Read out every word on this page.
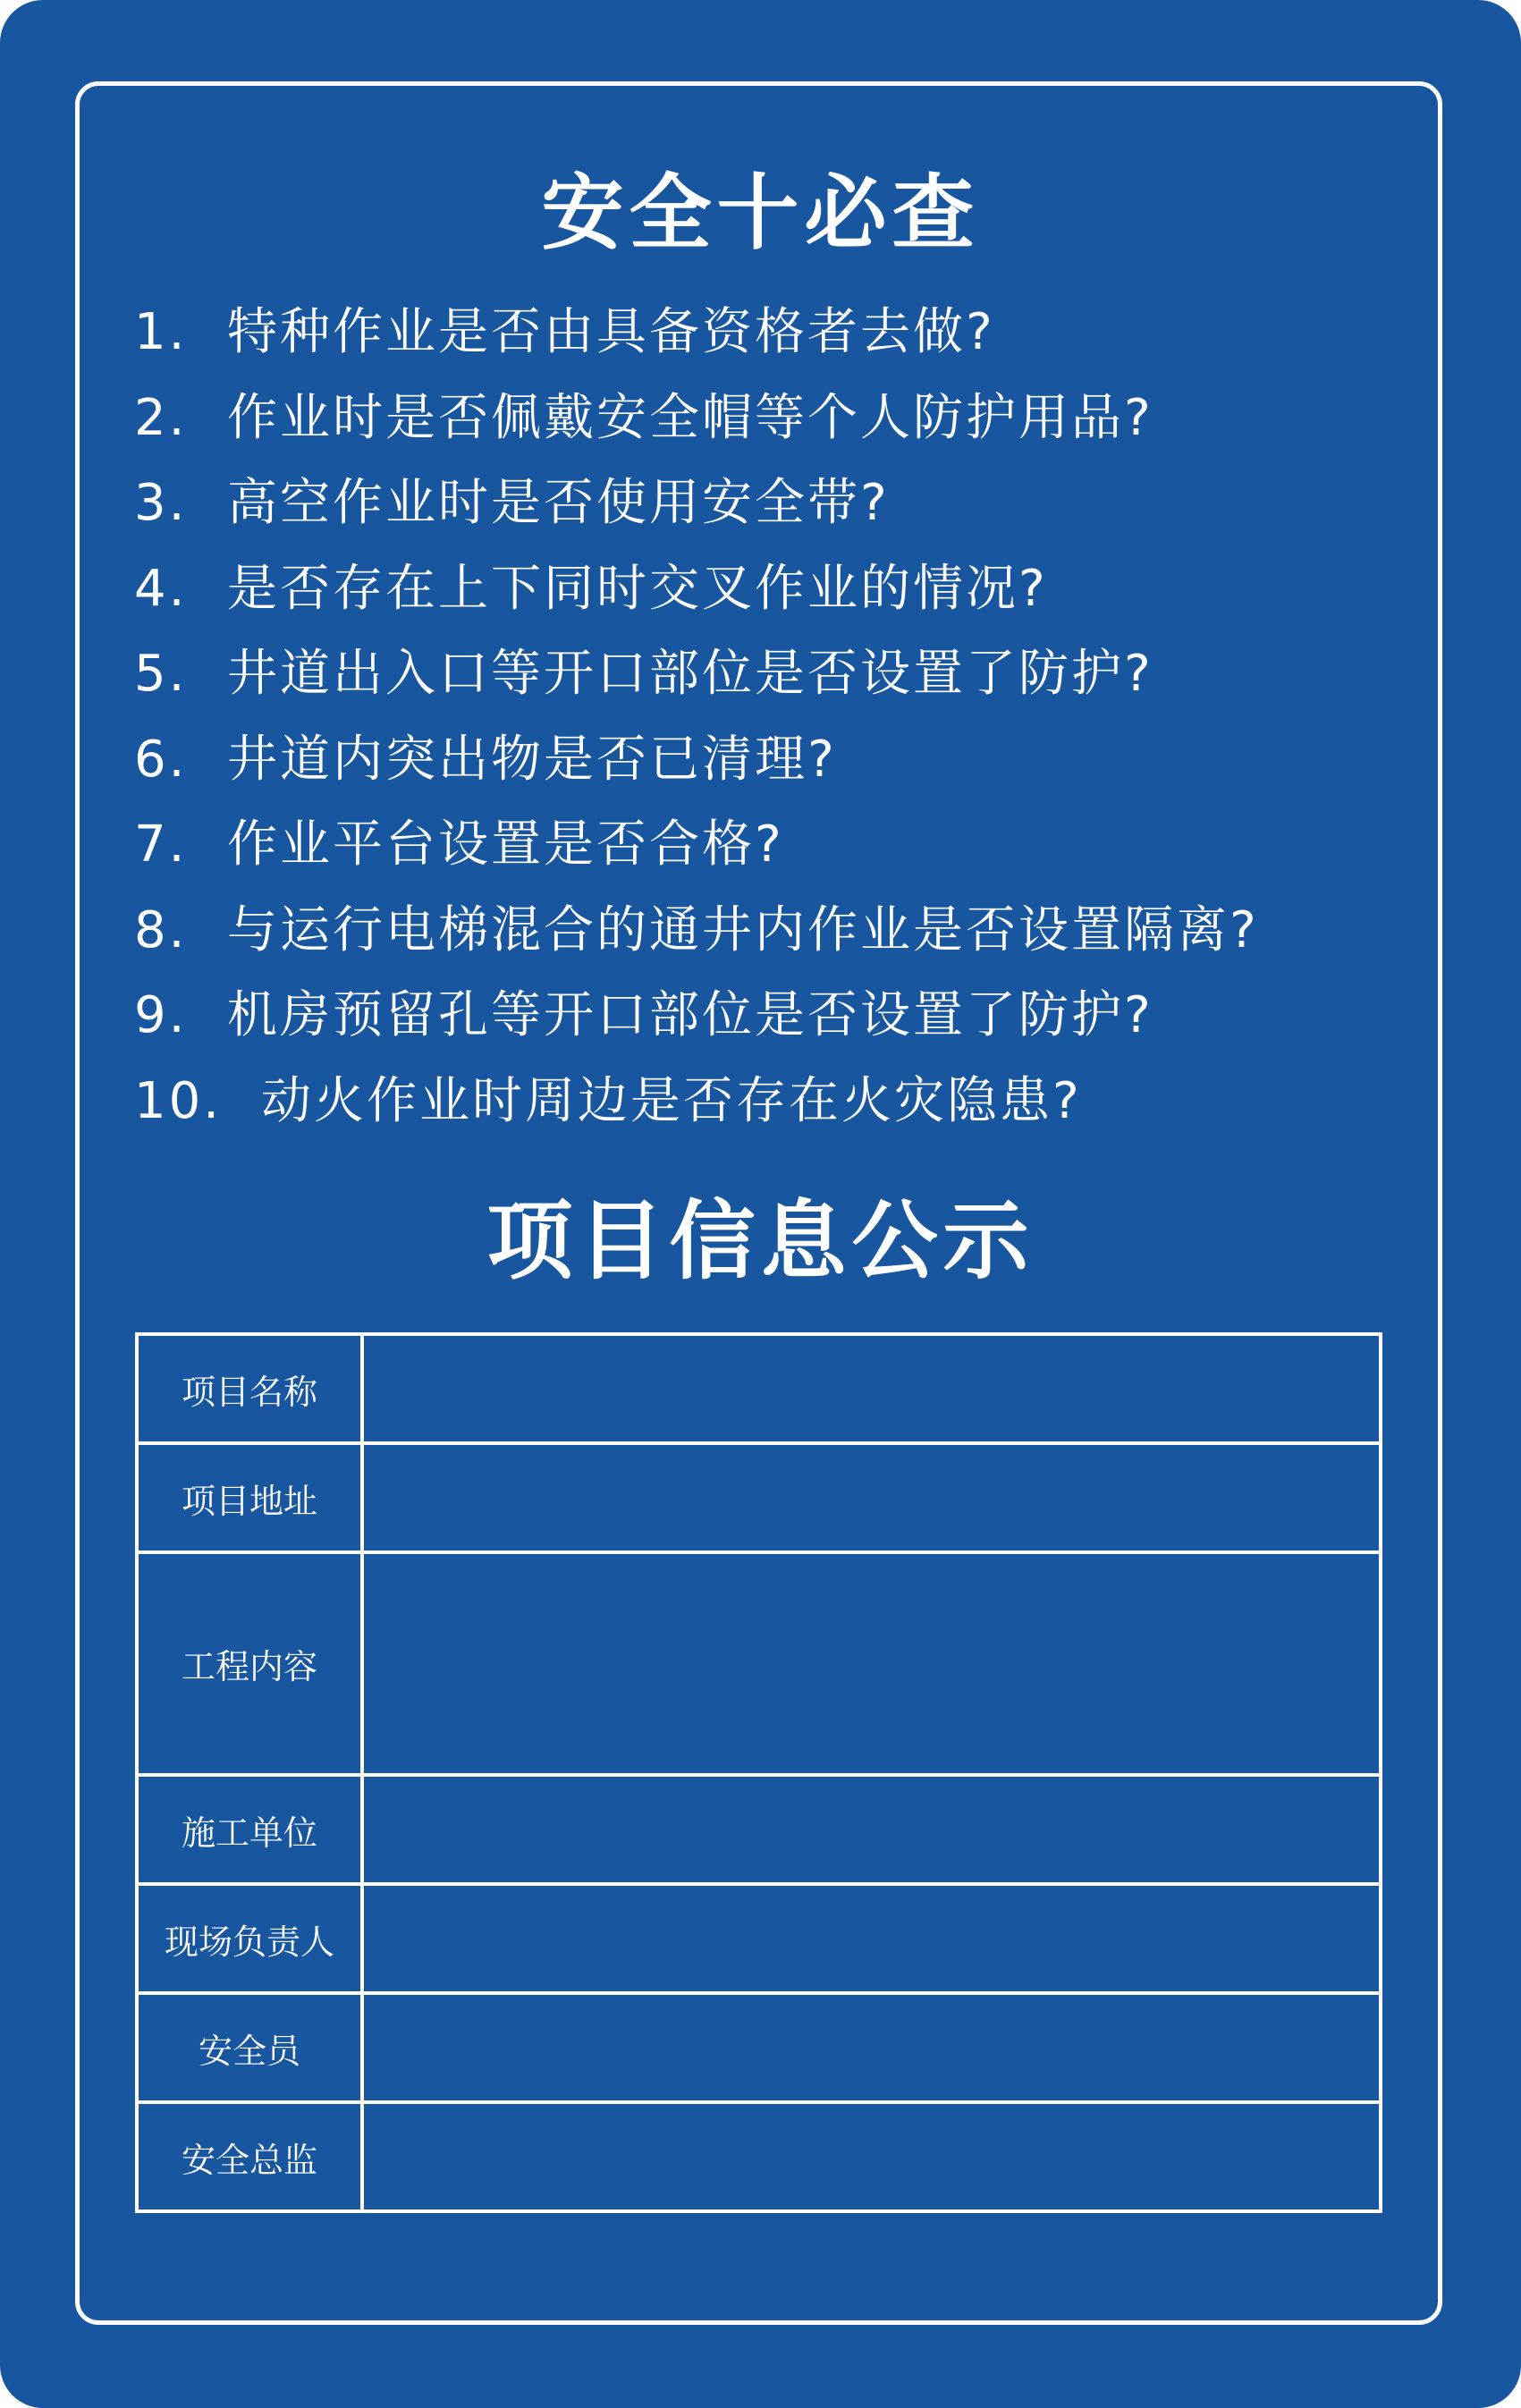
安全十必查
1. 特种作业是否由具备资格者去做?
2. 作业时是否佩戴安全帽等个人防护用品?
3. 高空作业时是否使用安全带?
4. 是否存在上下同时交叉作业的情况?
5. 井道出入口等开口部位是否设置了防护?
6. 井道内突出物是否已清理?
7. 作业平台设置是否合格?
8. 与运行电梯混合的通井内作业是否设置隔离?
9. 机房预留孔等开口部位是否设置了防护?
10. 动火作业时周边是否存在火灾隐患?
项目信息公示
项目名称	
项目地址	
工程内容	
施工单位	
现场负责人	
安全员	
安全总监	
